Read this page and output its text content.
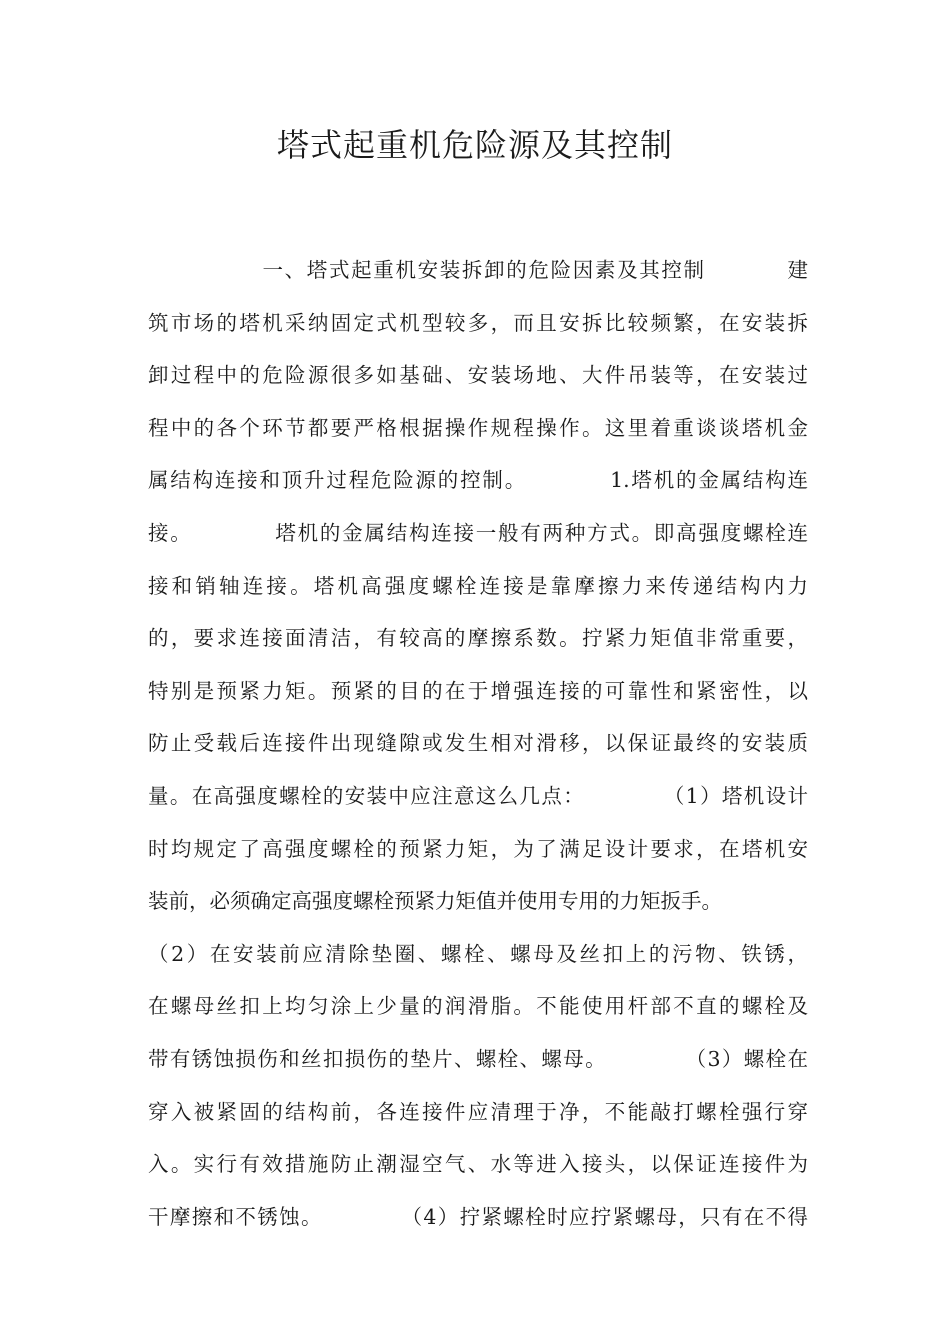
塔式起重机危险源及其控制
一、塔式起重机安装拆卸的危险因素及其控制          建
筑市场的塔机采纳固定式机型较多，而且安拆比较频繁，在安装拆
卸过程中的危险源很多如基础、安装场地、大件吊装等，在安装过
程中的各个环节都要严格根据操作规程操作。这里着重谈谈塔机金
属结构连接和顶升过程危险源的控制。          1.塔机的金属结构连
接。          塔机的金属结构连接一般有两种方式。即高强度螺栓连
接和销轴连接。塔机高强度螺栓连接是靠摩擦力来传递结构内力
的，要求连接面清洁，有较高的摩擦系数。拧紧力矩值非常重要，
特别是预紧力矩。预紧的目的在于增强连接的可靠性和紧密性，以
防止受载后连接件出现缝隙或发生相对滑移，以保证最终的安装质
量。在高强度螺栓的安装中应注意这么几点：          （1）塔机设计
时均规定了高强度螺栓的预紧力矩，为了满足设计要求，在塔机安
装前，必须确定高强度螺栓预紧力矩值并使用专用的力矩扳手。
（2）在安装前应清除垫圈、螺栓、螺母及丝扣上的污物、铁锈，
在螺母丝扣上均匀涂上少量的润滑脂。不能使用杆部不直的螺栓及
带有锈蚀损伤和丝扣损伤的垫片、螺栓、螺母。          （3）螺栓在
穿入被紧固的结构前，各连接件应清理于净，不能敲打螺栓强行穿
入。实行有效措施防止潮湿空气、水等进入接头，以保证连接件为
干摩擦和不锈蚀。          （4）拧紧螺栓时应拧紧螺母，只有在不得
